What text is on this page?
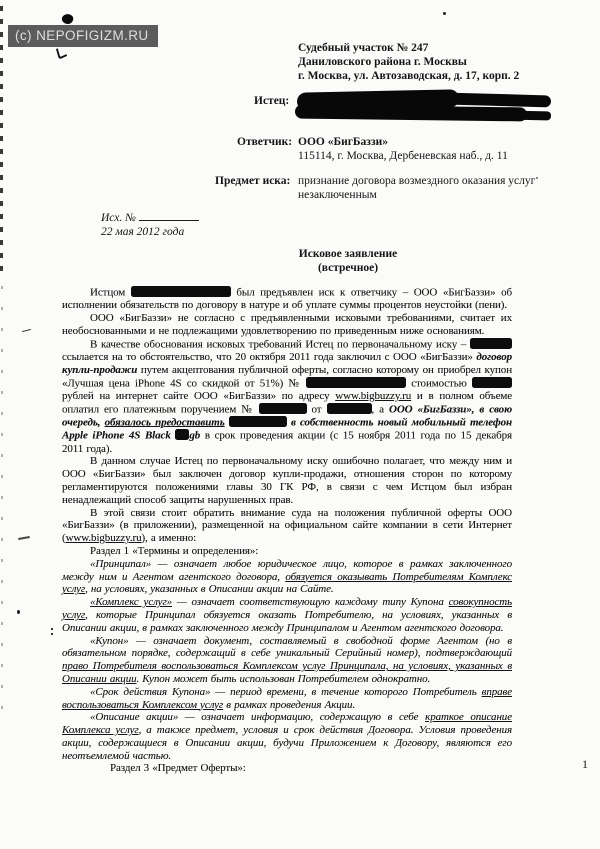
(c) NEPOFIGIZM.RU
Судебный участок № 247
Даниловского района г. Москвы
г. Москва, ул. Автозаводская, д. 17, корп. 2
Истец:
Ответчик: ООО «БигБаззи»
115114, г. Москва, Дербеневская наб., д. 11
Предмет иска: признание договора возмездного оказания услуг
незаключенным
Исх. №
22 мая 2012 года
Исковое заявление
(встречное)

Истцом	был предъявлен иск к ответчику – ООО «БигБаззи» об исполнении обязательств по договору в натуре и об уплате суммы процентов неустойки (пени).

ООО «БигБаззи» не согласно с предъявленными исковыми требованиями, считает их необоснованными и не подлежащими удовлетворению по приведенным ниже основаниям.

В качестве обоснования исковых требований Истец по первоначальному иску –  ссылается на то обстоятельство, что 20 октября 2011 года заключил с ООО «БигБаззи» договор купли-продажи путем акцептования публичной оферты, согласно которому он приобрел купон «Лучшая цена iPhone 4S со скидкой от 51%) №	стоимостью  рублей на интернет сайте ООО «БигБаззи» по адресу www.bigbuzzy.ru и в полном объеме оплатил его платежным поручением №	от	, а ООО «БигБаззи», в свою очередь, обязалось предоставить	в собственность новый мобильный телефон Apple iPhone 4S Black gb в срок проведения акции (с 15 ноября 2011 года по 15 декабря 2011 года).

В данном случае Истец по первоначальному иску ошибочно полагает, что между ним и ООО «БигБаззи» был заключен договор купли-продажи, отношения сторон по которому регламентируются положениями главы 30 ГК РФ, в связи с чем Истцом был избран ненадлежащий способ защиты нарушенных прав.

В этой связи стоит обратить внимание суда на положения публичной оферты ООО «БигБаззи» (в приложении), размещенной на официальном сайте компании в сети Интернет (www.bigbuzzy.ru), а именно:

Раздел 1 «Термины и определения»:

«Принципал» — означает любое юридическое лицо, которое в рамках заключенного между ним и Агентом агентского договора, обязуется оказывать Потребителям Комплекс услуг, на условиях, указанных в Описании акции на Сайте.

«Комплекс услуг» — означает соответствующую каждому типу Купона совокупность услуг, которые Принципал обязуется оказать Потребителю, на условиях, указанных в Описании акции, в рамках заключенного между Принципалом и Агентом агентского договора.

«Купон» — означает документ, составляемый в свободной форме Агентом (но в обязательном порядке, содержащий в себе уникальный Серийный номер), подтверждающий право Потребителя воспользоваться Комплексом услуг Принципала, на условиях, указанных в Описании акции. Купон может быть использован Потребителем однократно.

«Срок действия Купона» — период времени, в течение которого Потребитель вправе воспользоваться Комплексом услуг в рамках проведения Акции.

«Описание акции» — означает информацию, содержащую в себе краткое описание Комплекса услуг, а также предмет, условия и срок действия Договора. Условия проведения акции, содержащиеся в Описании акции, будучи Приложением к Договору, являются его неотъемлемой частью.

Раздел 3 «Предмет Оферты»:	1
